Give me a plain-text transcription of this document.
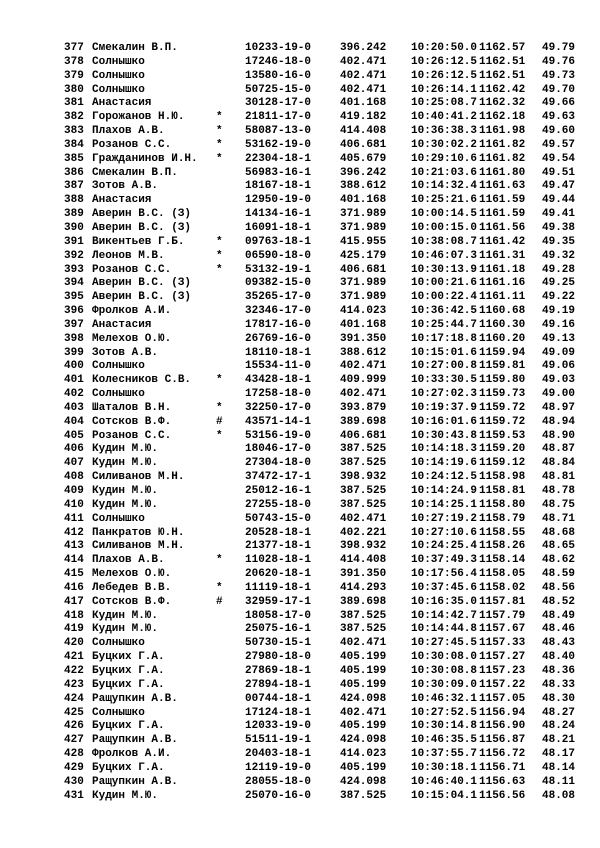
377 Смекалин В.П.	10233-19-0	396.242 10:20:50.0 1162.57 49.79
378 Солнышко	17246-18-0	402.471 10:26:12.5 1162.51 49.76
379 Солнышко	13580-16-0	402.471 10:26:12.5 1162.51 49.73
380 Солнышко	50725-15-0	402.471 10:26:14.1 1162.42 49.70
381 Анастасия	30128-17-0	401.168 10:25:08.7 1162.32 49.66
382 Горожанов Н.Ю.	* 21811-17-0	419.182 10:40:41.2 1162.18 49.63
383 Плахов А.В.	* 58087-13-0	414.408 10:36:38.3 1161.98 49.60
384 Розанов С.С.	* 53162-19-0	406.681 10:30:02.2 1161.82 49.57
385 Гражданинов И.Н. * 22304-18-1	405.679 10:29:10.6 1161.82 49.54
386 Смекалин В.П.	56983-16-1	396.242 10:21:03.6 1161.80 49.51
387 Зотов А.В.	18167-18-1	388.612 10:14:32.4 1161.63 49.47
388 Анастасия	12950-19-0	401.168 10:25:21.6 1161.59 49.44
389 Аверин В.С. (З)	14134-16-1	371.989 10:00:14.5 1161.59 49.41
390 Аверин В.С. (З)	16091-18-1	371.989 10:00:15.0 1161.56 49.38
391 Викентьев Г.Б.	* 09763-18-1	415.955 10:38:08.7 1161.42 49.35
392 Леонов М.В.	* 06590-18-0	425.179 10:46:07.3 1161.31 49.32
393 Розанов С.С.	* 53132-19-1	406.681 10:30:13.9 1161.18 49.28
394 Аверин В.С. (З)	09382-15-0	371.989 10:00:21.6 1161.16 49.25
395 Аверин В.С. (З)	35265-17-0	371.989 10:00:22.4 1161.11 49.22
396 Фролков А.И.	32346-17-0	414.023 10:36:42.5 1160.68 49.19
397 Анастасия	17817-16-0	401.168 10:25:44.7 1160.30 49.16
398 Мелехов О.Ю.	26769-16-0	391.350 10:17:18.8 1160.20 49.13
399 Зотов А.В.	18110-18-1	388.612 10:15:01.6 1159.94 49.09
400 Солнышко	15534-11-0	402.471 10:27:00.8 1159.81 49.06
401 Колесников С.В. * 43428-18-1	409.999 10:33:30.5 1159.80 49.03
402 Солнышко	17258-18-0	402.471 10:27:02.3 1159.73 49.00
403 Шаталов В.Н.	* 32250-17-0	393.879 10:19:37.9 1159.72 48.97
404 Сотсков В.Ф.	# 43571-14-1	389.698 10:16:01.6 1159.72 48.94
405 Розанов С.С.	* 53156-19-0	406.681 10:30:43.8 1159.53 48.90
406 Кудин М.Ю.	18046-17-0	387.525 10:14:18.3 1159.20 48.87
407 Кудин М.Ю.	27304-18-0	387.525 10:14:19.6 1159.12 48.84
408 Силиванов М.Н.	37472-17-1	398.932 10:24:12.5 1158.98 48.81
409 Кудин М.Ю.	25012-16-1	387.525 10:14:24.9 1158.81 48.78
410 Кудин М.Ю.	27255-18-0	387.525 10:14:25.1 1158.80 48.75
411 Солнышко	50743-15-0	402.471 10:27:19.2 1158.79 48.71
412 Панкратов Ю.Н.	20528-18-1	402.221 10:27:10.6 1158.55 48.68
413 Силиванов М.Н.	21377-18-1	398.932 10:24:25.4 1158.26 48.65
414 Плахов А.В.	* 11028-18-1	414.408 10:37:49.3 1158.14 48.62
415 Мелехов О.Ю.	20620-18-1	391.350 10:17:56.4 1158.05 48.59
416 Лебедев В.В.	* 11119-18-1	414.293 10:37:45.6 1158.02 48.56
417 Сотсков В.Ф.	# 32959-17-1	389.698 10:16:35.0 1157.81 48.52
418 Кудин М.Ю.	18058-17-0	387.525 10:14:42.7 1157.79 48.49
419 Кудин М.Ю.	25075-16-1	387.525 10:14:44.8 1157.67 48.46
420 Солнышко	50730-15-1	402.471 10:27:45.5 1157.33 48.43
421 Буцких Г.А.	27980-18-0	405.199 10:30:08.0 1157.27 48.40
422 Буцких Г.А.	27869-18-1	405.199 10:30:08.8 1157.23 48.36
423 Буцких Г.А.	27894-18-1	405.199 10:30:09.0 1157.22 48.33
424 Ращупкин А.В.	00744-18-1	424.098 10:46:32.1 1157.05 48.30
425 Солнышко	17124-18-1	402.471 10:27:52.5 1156.94 48.27
426 Буцких Г.А.	12033-19-0	405.199 10:30:14.8 1156.90 48.24
427 Ращупкин А.В.	51511-19-1	424.098 10:46:35.5 1156.87 48.21
428 Фролков А.И.	20403-18-1	414.023 10:37:55.7 1156.72 48.17
429 Буцких Г.А.	12119-19-0	405.199 10:30:18.1 1156.71 48.14
430 Ращупкин А.В.	28055-18-0	424.098 10:46:40.1 1156.63 48.11
431 Кудин М.Ю.	25070-16-0	387.525 10:15:04.1 1156.56 48.08
